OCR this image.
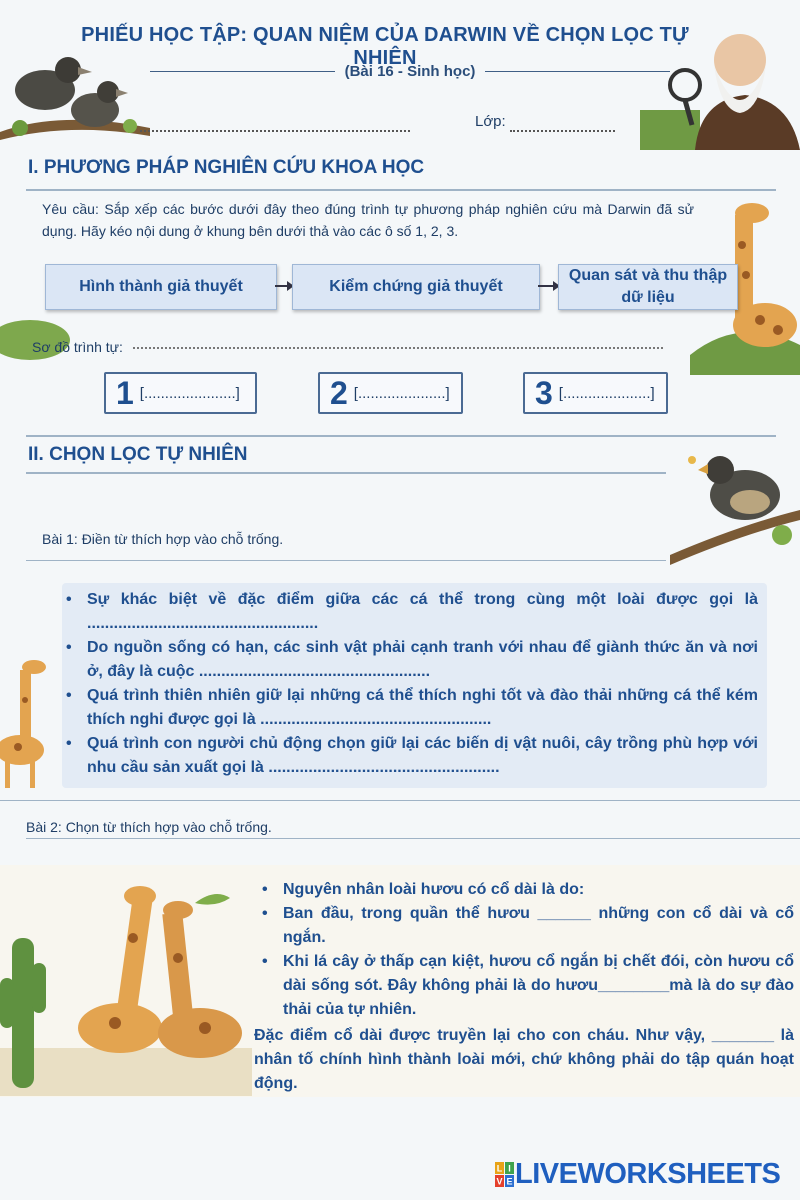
PHIẾU HỌC TẬP: QUAN NIỆM CỦA DARWIN VỀ CHỌN LỌC TỰ NHIÊN
(Bài 16 - Sinh học)
Lớp:
I. PHƯƠNG PHÁP NGHIÊN CỨU KHOA HỌC
Yêu cầu: Sắp xếp các bước dưới đây theo đúng trình tự phương pháp nghiên cứu mà Darwin đã sử dụng. Hãy kéo nội dung ở khung bên dưới thả vào các ô số 1, 2, 3.
Hình thành giả thuyết	Kiểm chứng giả thuyết
Quan sát và thu thập dữ liệu
Sơ đồ trình tự:
1 [......................]	2 [.....................]	3 [.....................]
II. CHỌN LỌC TỰ NHIÊN
Bài 1: Điền từ thích hợp vào chỗ trống.
• Sự khác biệt về đặc điểm giữa các cá thể trong cùng một loài được gọi là ....................................................
• Do nguồn sống có hạn, các sinh vật phải cạnh tranh với nhau để giành thức ăn và nơi ở, đây là cuộc ....................................................
• Quá trình thiên nhiên giữ lại những cá thể thích nghi tốt và đào thải những cá thể kém thích nghi được gọi là ....................................................
• Quá trình con người chủ động chọn giữ lại các biến dị vật nuôi, cây trồng phù hợp với nhu cầu sản xuất gọi là ....................................................
Bài 2: Chọn từ thích hợp vào chỗ trống.
• Nguyên nhân loài hươu có cổ dài là do:
• Ban đầu, trong quần thể hươu ______ những con cổ dài và cổ ngắn.
• Khi lá cây ở thấp cạn kiệt, hươu cổ ngắn bị chết đói, còn hươu cổ dài sống sót. Đây không phải là do hươu________mà là do sự đào thải của tự nhiên.
Đặc điểm cổ dài được truyền lại cho con cháu. Như vậy, _______ là nhân tố chính hình thành loài mới, chứ không phải do tập quán hoạt động.
L I
V E LIVEWORKSHEETS
